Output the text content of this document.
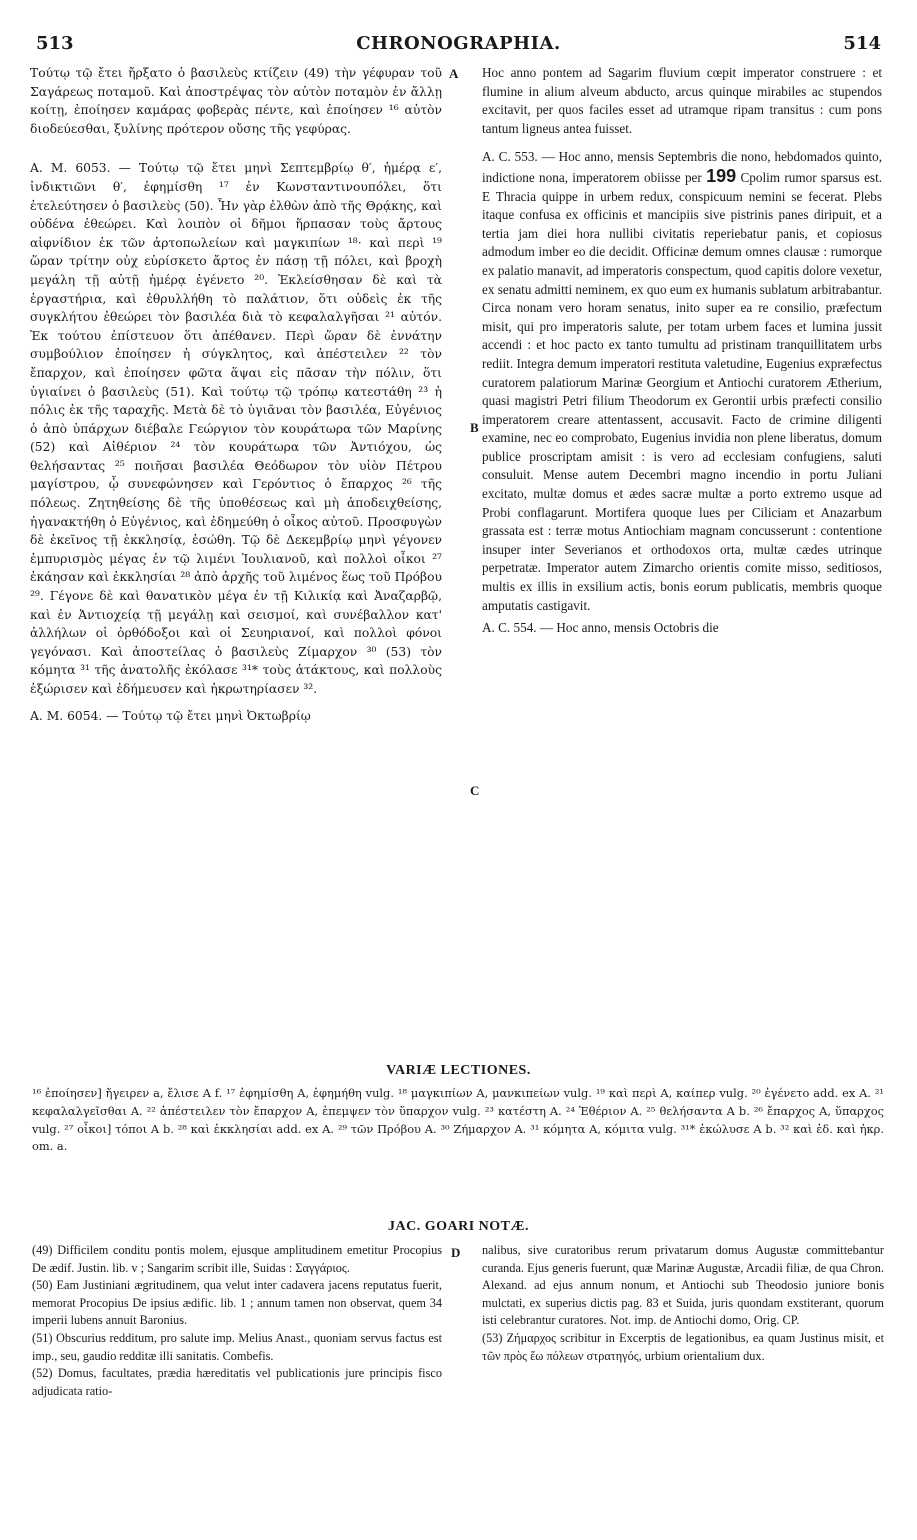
513	CHRONOGRAPHIA.	514

Τούτῳ τῷ ἔτει ἤρξατο ὁ βασιλεὺς κτίζειν (49) τὴν γέφυραν τοῦ Σαγάρεως ποταμοῦ. Καὶ ἀποστρέψας τὸν αὐτὸν ποταμὸν ἐν ἄλλῃ κοίτῃ, ἐποίησεν καμάρας φοβερὰς πέντε, καὶ ἐποίησεν ¹⁶ αὐτὸν διοδεύεσθαι, ξυλίνης πρότερον οὔσης τῆς γεφύρας.

A. M. 6053. — Τούτῳ τῷ ἔτει μηνὶ Σεπτεμβρίῳ θ′, ἡμέρᾳ ε′, ἰνδικτιῶνι θ′, ἐφημίσθη ¹⁷ ἐν Κωνσταντινουπόλει, ὅτι ἐτελεύτησεν ὁ βασιλεὺς (50). Ἦν γὰρ ἐλθὼν ἀπὸ τῆς Θρᾴκης, καὶ οὐδένα ἐθεώρει. Καὶ λοιπὸν οἱ δῆμοι ἥρπασαν τοὺς ἄρτους αἰφνίδιον ἐκ τῶν ἀρτοπωλείων καὶ μαγκιπίων ¹⁸· καὶ περὶ ¹⁹ ὥραν τρίτην οὐχ εὑρίσκετο ἄρτος ἐν πάσῃ τῇ πόλει, καὶ βροχὴ μεγάλη τῇ αὐτῇ ἡμέρᾳ ἐγένετο ²⁰. Ἐκλείσθησαν δὲ καὶ τὰ ἐργαστήρια, καὶ ἐθρυλλήθη τὸ παλάτιον, ὅτι οὐδεὶς ἐκ τῆς συγκλήτου ἐθεώρει τὸν βασιλέα διὰ τὸ κεφαλαλγῆσαι ²¹ αὐτόν. Ἐκ τούτου ἐπίστευον ὅτι ἀπέθανεν. Περὶ ὥραν δὲ ἐννάτην συμβούλιον ἐποίησεν ἡ σύγκλητος, καὶ ἀπέστειλεν ²² τὸν ἔπαρχον, καὶ ἐποίησεν φῶτα ἅψαι εἰς πᾶσαν τὴν πόλιν, ὅτι ὑγιαίνει ὁ βασιλεὺς (51). Καὶ τούτῳ τῷ τρόπῳ κατεστάθη ²³ ἡ πόλις ἐκ τῆς ταραχῆς. Μετὰ δὲ τὸ ὑγιᾶναι τὸν βασιλέα, Εὐγένιος ὁ ἀπὸ ὑπάρχων διέβαλε Γεώργιον τὸν κουράτωρα τῶν Μαρίνης (52) καὶ Αἰθέριον ²⁴ τὸν κουράτωρα τῶν Ἀντιόχου, ὡς θελήσαντας ²⁵ ποιῆσαι βασιλέα Θεόδωρον τὸν υἱὸν Πέτρου μαγίστρου, ᾧ συνεφώνησεν καὶ Γερόντιος ὁ ἔπαρχος ²⁶ τῆς πόλεως. Ζητηθείσης δὲ τῆς ὑποθέσεως καὶ μὴ ἀποδειχθείσης, ἠγανακτήθη ὁ Εὐγένιος, καὶ ἐδημεύθη ὁ οἶκος αὐτοῦ. Προσφυγὼν δὲ ἐκεῖνος τῇ ἐκκλησίᾳ, ἐσώθη. Τῷ δὲ Δεκεμβρίῳ μηνὶ γέγονεν ἐμπυρισμὸς μέγας ἐν τῷ λιμένι Ἰουλιανοῦ, καὶ πολλοὶ οἶκοι ²⁷ ἐκάησαν καὶ ἐκκλησίαι ²⁸ ἀπὸ ἀρχῆς τοῦ λιμένος ἕως τοῦ Πρόβου ²⁹. Γέγονε δὲ καὶ θανατικὸν μέγα ἐν τῇ Κιλικίᾳ καὶ Ἀναζαρβῷ, καὶ ἐν Ἀντιοχείᾳ τῇ μεγάλῃ καὶ σεισμοί, καὶ συνέβαλλον κατ' ἀλλήλων οἱ ὀρθόδοξοι καὶ οἱ Σευηριανοί, καὶ πολλοὶ φόνοι γεγόνασι. Καὶ ἀποστείλας ὁ βασιλεὺς Ζίμαρχον ³⁰ (53) τὸν κόμητα ³¹ τῆς ἀνατολῆς ἐκόλασε ³¹* τοὺς ἀτάκτους, καὶ πολλοὺς ἐξώρισεν καὶ ἐδήμευσεν καὶ ἠκρωτηρίασεν ³².

A. M. 6054. — Τούτῳ τῷ ἔτει μηνὶ Ὀκτωβρίῳ

A
B
C
D

Hoc anno pontem ad Sagarim fluvium cœpit imperator construere : et flumine in alium alveum abducto, arcus quinque mirabiles ac stupendos excitavit, per quos faciles esset ad utramque ripam transitus : cum pons tantum ligneus antea fuisset.

A. C. 553. — Hoc anno, mensis Septembris die nono, hebdomados quinto, indictione nona, imperatorem obiisse per 199 Cpolim rumor sparsus est. E Thracia quippe in urbem redux, conspicuum nemini se fecerat. Plebs itaque confusa ex officinis et mancipiis sive pistrinis panes diripuit, et a tertia jam diei hora nullibi civitatis reperiebatur panis, et copiosus admodum imber eo die decidit. Officinæ demum omnes clausæ : rumorque ex palatio manavit, ad imperatoris conspectum, quod capitis dolore vexetur, ex senatu admitti neminem, ex quo eum ex humanis sublatum arbitrabantur. Circa nonam vero horam senatus, inito super ea re consilio, præfectum misit, qui pro imperatoris salute, per totam urbem faces et lumina jussit accendi : et hoc pacto ex tanto tumultu ad pristinam tranquillitatem urbs rediit. Integra demum imperatori restituta valetudine, Eugenius expræfectus curatorem palatiorum Marinæ Georgium et Antiochi curatorem Ætherium, quasi magistri Petri filium Theodorum ex Gerontii urbis præfecti consilio imperatorem creare attentassent, accusavit. Facto de crimine diligenti examine, nec eo comprobato, Eugenius invidia non plene liberatus, domum publice proscriptam amisit : is vero ad ecclesiam confugiens, saluti consuluit. Mense autem Decembri magno incendio in portu Juliani excitato, multæ domus et ædes sacræ multæ a porto extremo usque ad Probi conflagarunt. Mortifera quoque lues per Ciliciam et Anazarbum grassata est : terræ motus Antiochiam magnam concusserunt : contentione insuper inter Severianos et orthodoxos orta, multæ cædes utrinque perpetratæ. Imperator autem Zimarcho orientis comite misso, seditiosos, multis ex illis in exsilium actis, bonis eorum publicatis, membris quoque amputatis castigavit.

A. C. 554. — Hoc anno, mensis Octobris die

VARIÆ LECTIONES.

¹⁶ ἐποίησεν] ἤγειρεν a, ἔλισε A f. ¹⁷ ἐφημίσθη A, ἐφημήθη vulg. ¹⁸ μαγκιπίων A, μανκιπείων vulg. ¹⁹ καὶ περὶ A, καίπερ vulg. ²⁰ ἐγένετο add. ex A. ²¹ κεφαλαλγεῖσθαι A. ²² ἀπέστειλεν τὸν ἔπαρχον A, ἐπεμψεν τὸν ὕπαρχον vulg. ²³ κατέστη A. ²⁴ Ἐθέριον A. ²⁵ θελήσαντα A b. ²⁶ ἔπαρχος A, ὕπαρχος vulg. ²⁷ οἶκοι] τόποι A b. ²⁸ καὶ ἐκκλησίαι add. ex A. ²⁹ τῶν Πρόβου A. ³⁰ Ζήμαρχον A. ³¹ κόμητα A, κόμιτα vulg. ³¹* ἐκώλυσε A b. ³² καὶ ἐδ. καὶ ἠκρ. om. a.

JAC. GOARI NOTÆ.

(49) Difficilem conditu pontis molem, ejusque amplitudinem emetitur Procopius De ædif. Justin. lib. v ; Sangarim scribit ille, Suidas : Σαγγάριος.

(50) Eam Justiniani ægritudinem, qua velut inter cadavera jacens reputatus fuerit, memorat Procopius De ipsius ædific. lib. 1 ; annum tamen non observat, quem 34 imperii lubens annuit Baronius.

(51) Obscurius redditum, pro salute imp. Melius Anast., quoniam servus factus est imp., seu, gaudio redditæ illi sanitatis. Combefis.

(52) Domus, facultates, prædia hæreditatis vel publicationis jure principis fisco adjudicata ratio-

nalibus, sive curatoribus rerum privatarum domus Augustæ committebantur curanda. Ejus generis fuerunt, quæ Marinæ Augustæ, Arcadii filiæ, de qua Chron. Alexand. ad ejus annum nonum, et Antiochi sub Theodosio juniore bonis mulctati, ex superius dictis pag. 83 et Suida, juris quondam exstiterant, quorum isti celebrantur curatores. Not. imp. de Antiochi domo, Orig. CP.

(53) Ζήμαρχος scribitur in Excerptis de legationibus, ea quam Justinus misit, et τῶν πρὸς ἕω πόλεων στρατηγός, urbium orientalium dux.
